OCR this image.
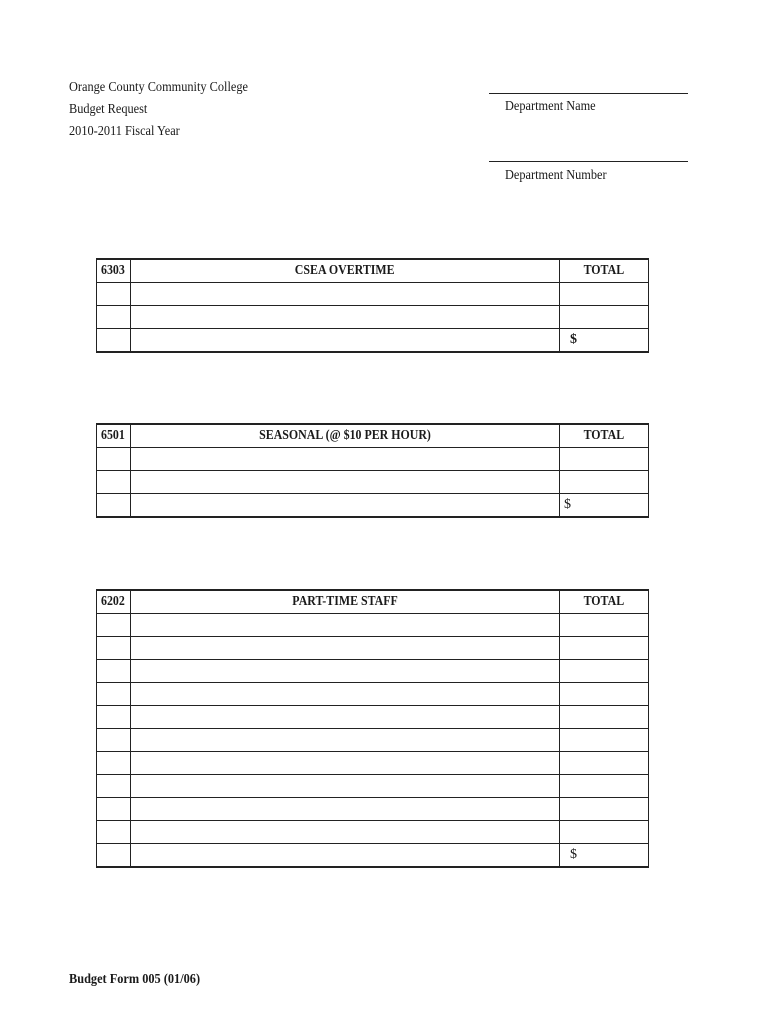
Orange County Community College
Budget Request
2010-2011 Fiscal Year
Department Name
Department Number
6303	CSEA OVERTIME	TOTAL

		$
6501	SEASONAL (@ $10 PER HOUR)	TOTAL

		$
6202	PART-TIME STAFF	TOTAL

		$
Budget Form 005 (01/06)
